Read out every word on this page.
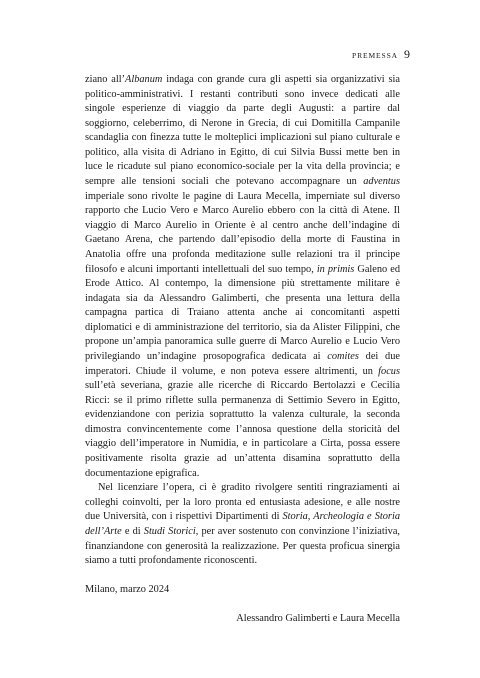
PREMESSA 9

ziano all’Albanum indaga con grande cura gli aspetti sia organizzativi sia politico-amministrativi. I restanti contributi sono invece dedicati alle singole esperienze di viaggio da parte degli Augusti: a partire dal soggiorno, celeberrimo, di Nerone in Grecia, di cui Domitilla Campanile scandaglia con finezza tutte le molteplici implicazioni sul piano culturale e politico, alla visita di Adriano in Egitto, di cui Silvia Bussi mette ben in luce le ricadute sul piano economico-sociale per la vita della provincia; e sempre alle tensioni sociali che potevano accompagnare un adventus imperiale sono rivolte le pagine di Laura Mecella, imperniate sul diverso rapporto che Lucio Vero e Marco Aurelio ebbero con la città di Atene. Il viaggio di Marco Aurelio in Oriente è al centro anche dell’indagine di Gaetano Arena, che partendo dall’episodio della morte di Faustina in Anatolia offre una profonda meditazione sulle relazioni tra il principe filosofo e alcuni importanti intellettuali del suo tempo, in primis Galeno ed Erode Attico. Al contempo, la dimensione più strettamente militare è indagata sia da Alessandro Galimberti, che presenta una lettura della campagna partica di Traiano attenta anche ai concomitanti aspetti diplomatici e di amministrazione del territorio, sia da Alister Filippini, che propone un’ampia panoramica sulle guerre di Marco Aurelio e Lucio Vero privilegiando un’indagine prosopografica dedicata ai comites dei due imperatori. Chiude il volume, e non poteva essere altrimenti, un focus sull’età severiana, grazie alle ricerche di Riccardo Bertolazzi e Cecilia Ricci: se il primo riflette sulla permanenza di Settimio Severo in Egitto, evidenziandone con perizia soprattutto la valenza culturale, la seconda dimostra convincentemente come l’annosa questione della storicità del viaggio dell’imperatore in Numidia, e in particolare a Cirta, possa essere positivamente risolta grazie ad un’attenta disamina soprattutto della documentazione epigrafica.

Nel licenziare l’opera, ci è gradito rivolgere sentiti ringraziamenti ai colleghi coinvolti, per la loro pronta ed entusiasta adesione, e alle nostre due Università, con i rispettivi Dipartimenti di Storia, Archeologia e Storia dell’Arte e di Studi Storici, per aver sostenuto con convinzione l’iniziativa, finanziandone con generosità la realizzazione. Per questa proficua sinergia siamo a tutti profondamente riconoscenti.

Milano, marzo 2024

Alessandro Galimberti e Laura Mecella
